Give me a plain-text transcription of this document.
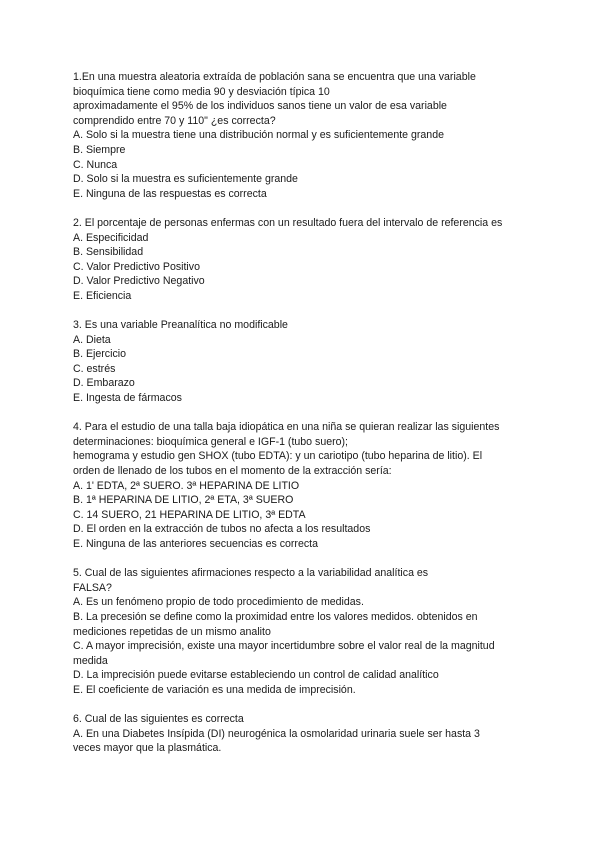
1.En una muestra aleatoria extraída de población sana se encuentra que una variable
bioquímica tiene como media 90 y desviación típica 10
aproximadamente el 95% de los individuos sanos tiene un valor de esa variable
comprendido entre 70 y 110" ¿es correcta?
A. Solo si la muestra tiene una distribución normal y es suficientemente grande
B. Siempre
C. Nunca
D. Solo si la muestra es suficientemente grande
E. Ninguna de las respuestas es correcta
2. El porcentaje de personas enfermas con un resultado fuera del intervalo de referencia es
A. Especificidad
B. Sensibilidad
C. Valor Predictivo Positivo
D. Valor Predictivo Negativo
E. Eficiencia
3. Es una variable Preanalítica no modificable
A. Dieta
B. Ejercicio
C. estrés
D. Embarazo
E. Ingesta de fármacos
4. Para el estudio de una talla baja idiopática en una niña se quieran realizar las siguientes
determinaciones: bioquímica general e IGF-1 (tubo suero);
hemograma y estudio gen SHOX (tubo EDTA): y un cariotipo (tubo heparina de litio). El
orden de llenado de los tubos en el momento de la extracción sería:
A. 1' EDTA, 2ª SUERO. 3ª HEPARINA DE LITIO
B. 1ª HEPARINA DE LITIO, 2ª ETA, 3ª SUERO
C. 14 SUERO, 21 HEPARINA DE LITIO, 3ª EDTA
D. El orden en la extracción de tubos no afecta a los resultados
E. Ninguna de las anteriores secuencias es correcta
5. Cual de las siguientes afirmaciones respecto a la variabilidad analítica es
FALSA?
A. Es un fenómeno propio de todo procedimiento de medidas.
B. La precesión se define como la proximidad entre los valores medidos. obtenidos en
mediciones repetidas de un mismo analito
C. A mayor imprecisión, existe una mayor incertidumbre sobre el valor real de la magnitud
medida
D. La imprecisión puede evitarse estableciendo un control de calidad analítico
E. El coeficiente de variación es una medida de imprecisión.
6. Cual de las siguientes es correcta
A. En una Diabetes Insípida (DI) neurogénica la osmolaridad urinaria suele ser hasta 3
veces mayor que la plasmática.
